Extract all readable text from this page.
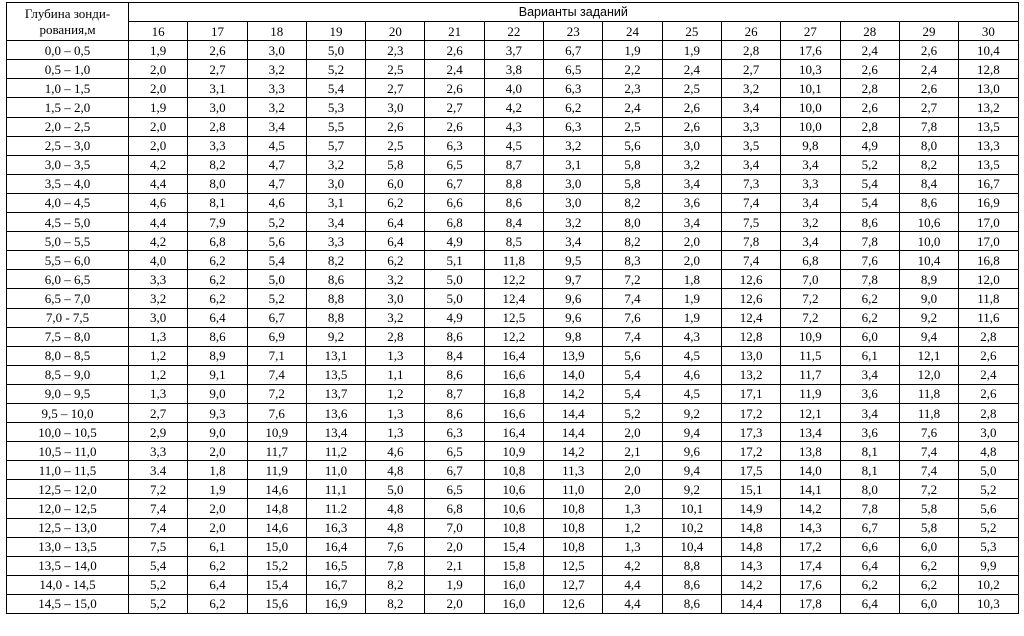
Глубина зонди-
рования,м	Варианты заданий														
	16	17	18	19	20	21	22	23	24	25	26	27	28	29	30
0,0 – 0,5	1,9	2,6	3,0	5,0	2,3	2,6	3,7	6,7	1,9	1,9	2,8	17,6	2,4	2,6	10,4
0,5 – 1,0	2,0	2,7	3,2	5,2	2,5	2,4	3,8	6,5	2,2	2,4	2,7	10,3	2,6	2,4	12,8
1,0 – 1,5	2,0	3,1	3,3	5,4	2,7	2,6	4,0	6,3	2,3	2,5	3,2	10,1	2,8	2,6	13,0
1,5 – 2,0	1,9	3,0	3,2	5,3	3,0	2,7	4,2	6,2	2,4	2,6	3,4	10,0	2,6	2,7	13,2
2,0 – 2,5	2,0	2,8	3,4	5,5	2,6	2,6	4,3	6,3	2,5	2,6	3,3	10,0	2,8	7,8	13,5
2,5 – 3,0	2,0	3,3	4,5	5,7	2,5	6,3	4,5	3,2	5,6	3,0	3,5	9,8	4,9	8,0	13,3
3,0 – 3,5	4,2	8,2	4,7	3,2	5,8	6,5	8,7	3,1	5,8	3,2	3,4	3,4	5,2	8,2	13,5
3,5 – 4,0	4,4	8,0	4,7	3,0	6,0	6,7	8,8	3,0	5,8	3,4	7,3	3,3	5,4	8,4	16,7
4,0 – 4,5	4,6	8,1	4,6	3,1	6,2	6,6	8,6	3,0	8,2	3,6	7,4	3,4	5,4	8,6	16,9
4,5 – 5,0	4,4	7,9	5,2	3,4	6,4	6,8	8,4	3,2	8,0	3,4	7,5	3,2	8,6	10,6	17,0
5,0 – 5,5	4,2	6,8	5,6	3,3	6,4	4,9	8,5	3,4	8,2	2,0	7,8	3,4	7,8	10,0	17,0
5,5 – 6,0	4,0	6,2	5,4	8,2	6,2	5,1	11,8	9,5	8,3	2,0	7,4	6,8	7,6	10,4	16,8
6,0 – 6,5	3,3	6,2	5,0	8,6	3,2	5,0	12,2	9,7	7,2	1,8	12,6	7,0	7,8	8,9	12,0
6,5 – 7,0	3,2	6,2	5,2	8,8	3,0	5,0	12,4	9,6	7,4	1,9	12,6	7,2	6,2	9,0	11,8
7,0 - 7,5	3,0	6,4	6,7	8,8	3,2	4,9	12,5	9,6	7,6	1,9	12,4	7,2	6,2	9,2	11,6
7,5 – 8,0	1,3	8,6	6,9	9,2	2,8	8,6	12,2	9,8	7,4	4,3	12,8	10,9	6,0	9,4	2,8
8,0 – 8,5	1,2	8,9	7,1	13,1	1,3	8,4	16,4	13,9	5,6	4,5	13,0	11,5	6,1	12,1	2,6
8,5 – 9,0	1,2	9,1	7,4	13,5	1,1	8,6	16,6	14,0	5,4	4,6	13,2	11,7	3,4	12,0	2,4
9,0 – 9,5	1,3	9,0	7,2	13,7	1,2	8,7	16,8	14,2	5,4	4,5	17,1	11,9	3,6	11,8	2,6
9,5 – 10,0	2,7	9,3	7,6	13,6	1,3	8,6	16,6	14,4	5,2	9,2	17,2	12,1	3,4	11,8	2,8
10,0 – 10,5	2,9	9,0	10,9	13,4	1,3	6,3	16,4	14,4	2,0	9,4	17,3	13,4	3,6	7,6	3,0
10,5 – 11,0	3,3	2,0	11,7	11,2	4,6	6,5	10,9	14,2	2,1	9,6	17,2	13,8	8,1	7,4	4,8
11,0 – 11,5	3.4	1,8	11,9	11,0	4,8	6,7	10,8	11,3	2,0	9,4	17,5	14,0	8,1	7,4	5,0
12,5 – 12,0	7,2	1,9	14,6	11,1	5,0	6,5	10,6	11,0	2,0	9,2	15,1	14,1	8,0	7,2	5,2
12,0 – 12,5	7,4	2,0	14,8	11.2	4,8	6,8	10,6	10,8	1,3	10,1	14,9	14,2	7,8	5,8	5,6
12,5 – 13,0	7,4	2,0	14,6	16,3	4,8	7,0	10,8	10,8	1,2	10,2	14,8	14,3	6,7	5,8	5,2
13,0 – 13,5	7,5	6,1	15,0	16,4	7,6	2,0	15,4	10,8	1,3	10,4	14,8	17,2	6,6	6,0	5,3
13,5 – 14,0	5,4	6,2	15,2	16,5	7,8	2,1	15,8	12,5	4,2	8,8	14,3	17,4	6,4	6,2	9,9
14,0 - 14,5	5,2	6,4	15,4	16,7	8,2	1,9	16,0	12,7	4,4	8,6	14,2	17,6	6,2	6,2	10,2
14,5 – 15,0	5,2	6,2	15,6	16,9	8,2	2,0	16,0	12,6	4,4	8,6	14,4	17,8	6,4	6,0	10,3
